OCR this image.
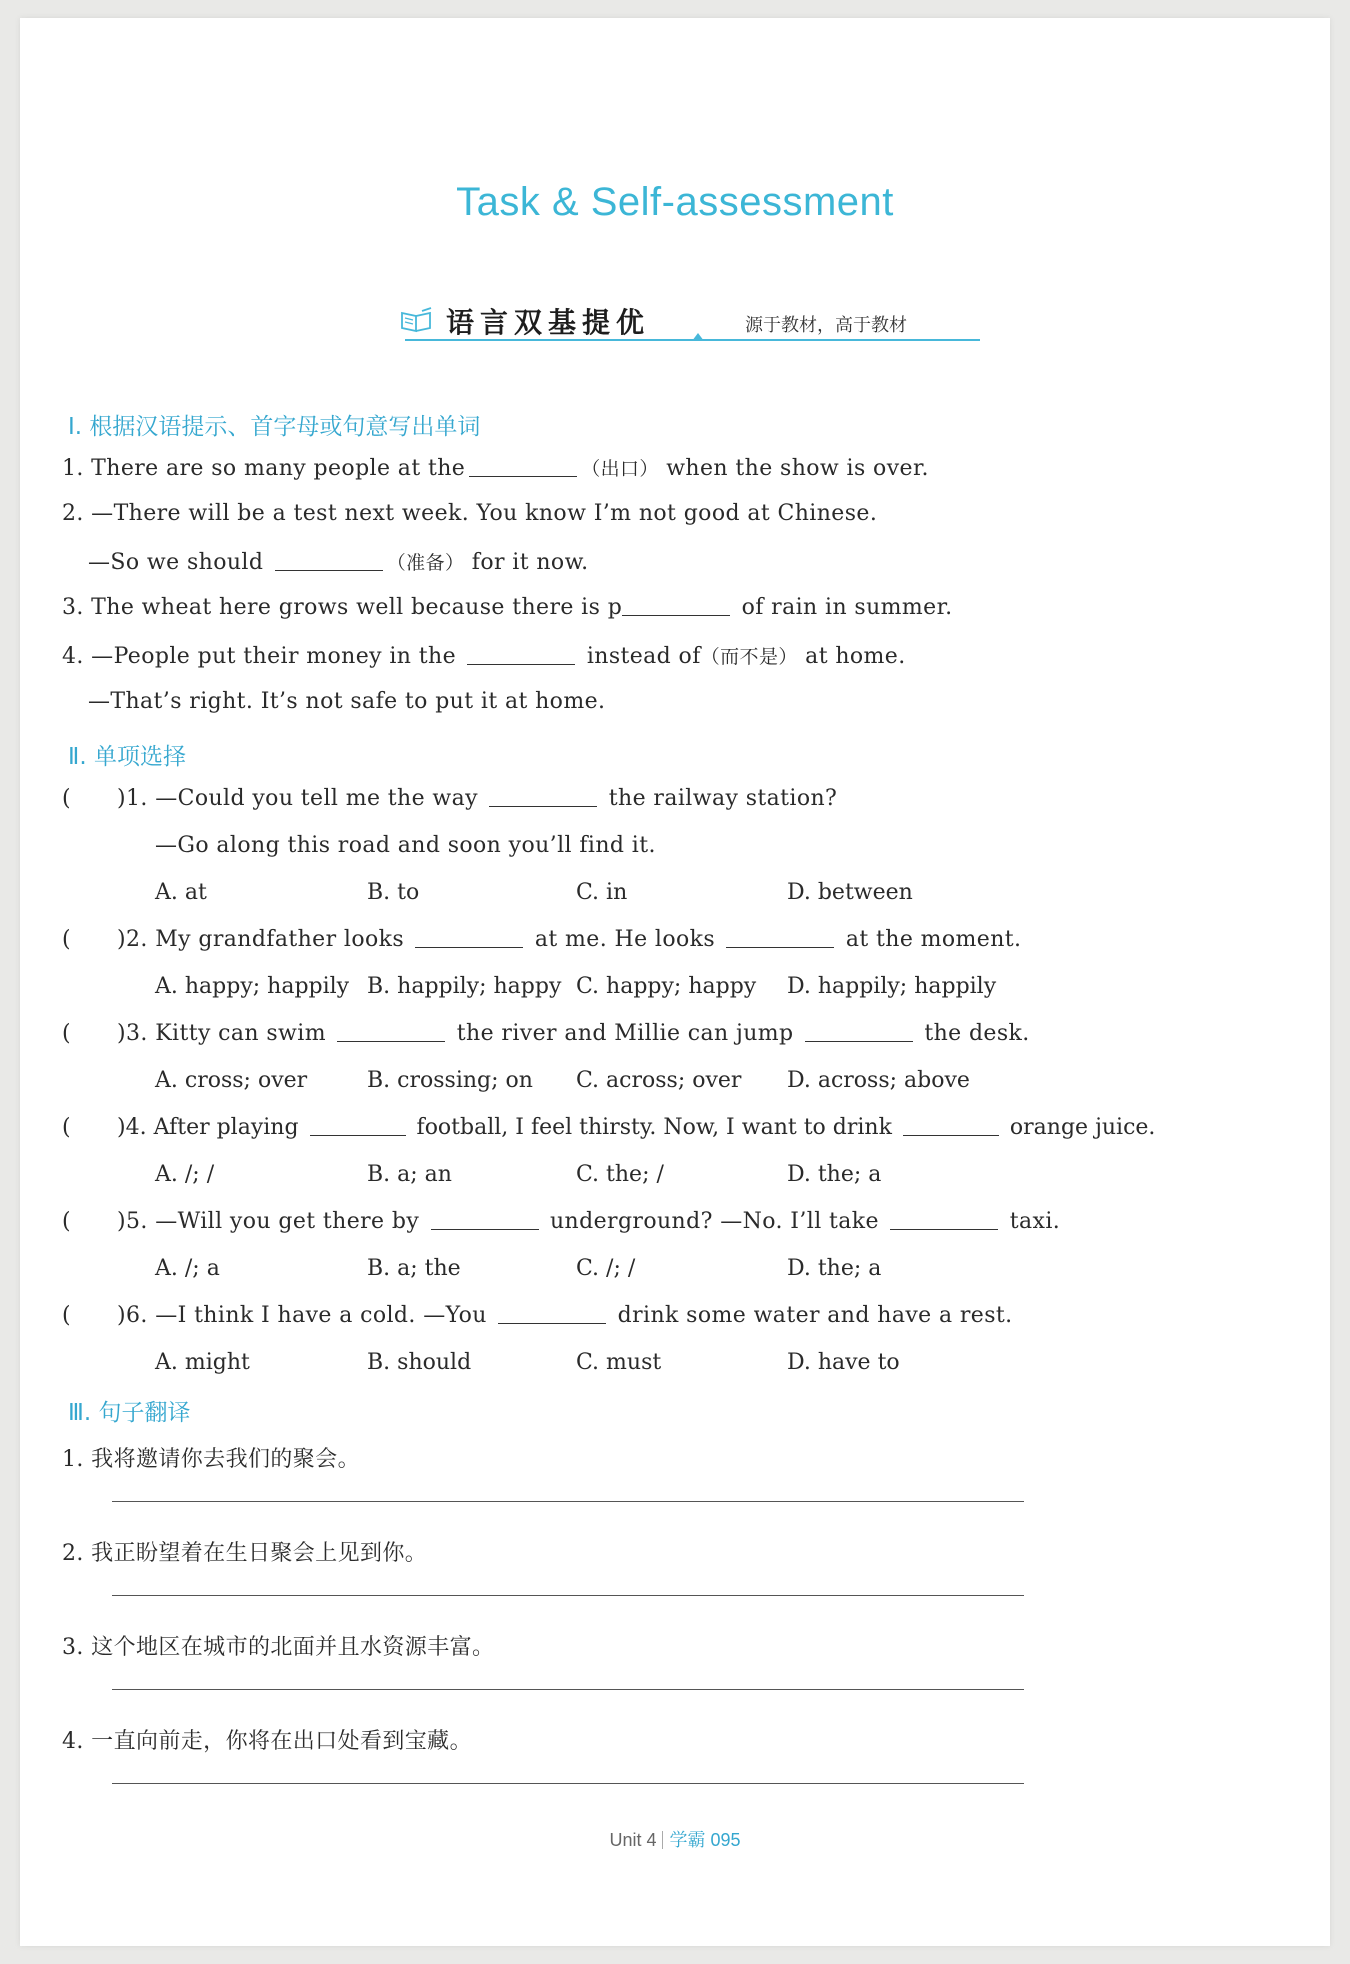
Task & Self-assessment
语言双基提优	源于教材，高于教材
Ⅰ. 根据汉语提示、首字母或句意写出单词
1. There are so many people at the	（出口） when the show is over.
2. —There will be a test next week. You know I’m not good at Chinese.
—So we should	（准备） for it now.
3. The wheat here grows well because there is p	of rain in summer.
4. —People put their money in the	instead of（而不是） at home.
—That’s right. It’s not safe to put it at home.
Ⅱ. 单项选择
( )1. —Could you tell me the way	the railway station?
—Go along this road and soon you’ll find it.
A. at	B. to	C. in	D. between
( )2. My grandfather looks	at me. He looks	at the moment.
A. happy; happily B. happily; happy C. happy; happy D. happily; happily
( )3. Kitty can swim	the river and Millie can jump	the desk.
A. cross; over	B. crossing; on C. across; over D. across; above
( )4. After playing	football, I feel thirsty. Now, I want to drink	orange juice.
A. /; /	B. a; an	C. the; /	D. the; a
( )5. —Will you get there by	underground? —No. I’ll take	taxi.
A. /; a	B. a; the	C. /; /	D. the; a
( )6. —I think I have a cold. —You	drink some water and have a rest.
A. might	B. should	C. must	D. have to
Ⅲ. 句子翻译
1. 我将邀请你去我们的聚会。
2. 我正盼望着在生日聚会上见到你。
3. 这个地区在城市的北面并且水资源丰富。
4. 一直向前走，你将在出口处看到宝藏。
Unit 4 学霸 095
